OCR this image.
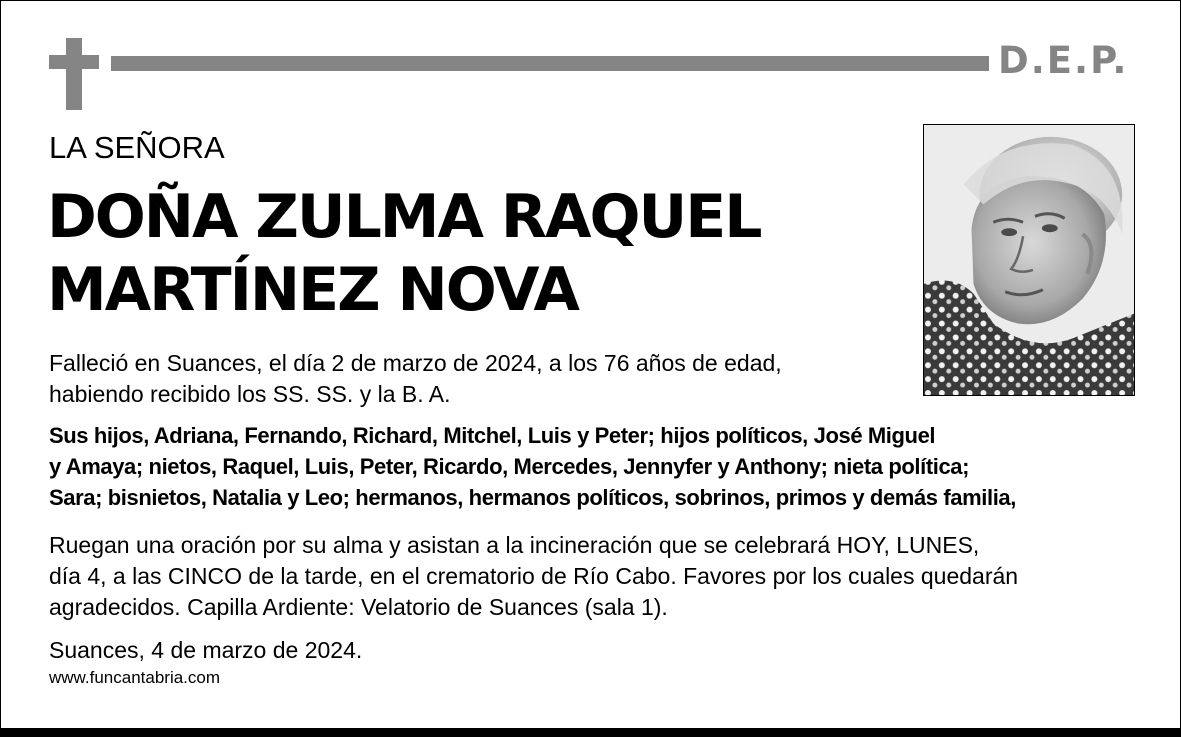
D.E.P.
LA SEÑORA
DOÑA ZULMA RAQUEL
MARTÍNEZ NOVA
Falleció en Suances, el día 2 de marzo de 2024, a los 76 años de edad,
habiendo recibido los SS. SS. y la B. A.
Sus hijos, Adriana, Fernando, Richard, Mitchel, Luis y Peter; hijos políticos, José Miguel
y Amaya; nietos, Raquel, Luis, Peter, Ricardo, Mercedes, Jennyfer y Anthony; nieta política;
Sara; bisnietos, Natalia y Leo; hermanos, hermanos políticos, sobrinos, primos y demás familia,
Ruegan una oración por su alma y asistan a la incineración que se celebrará HOY, LUNES,
día 4, a las CINCO de la tarde, en el crematorio de Río Cabo. Favores por los cuales quedarán
agradecidos. Capilla Ardiente: Velatorio de Suances (sala 1).
Suances, 4 de marzo de 2024.
www.funcantabria.com
